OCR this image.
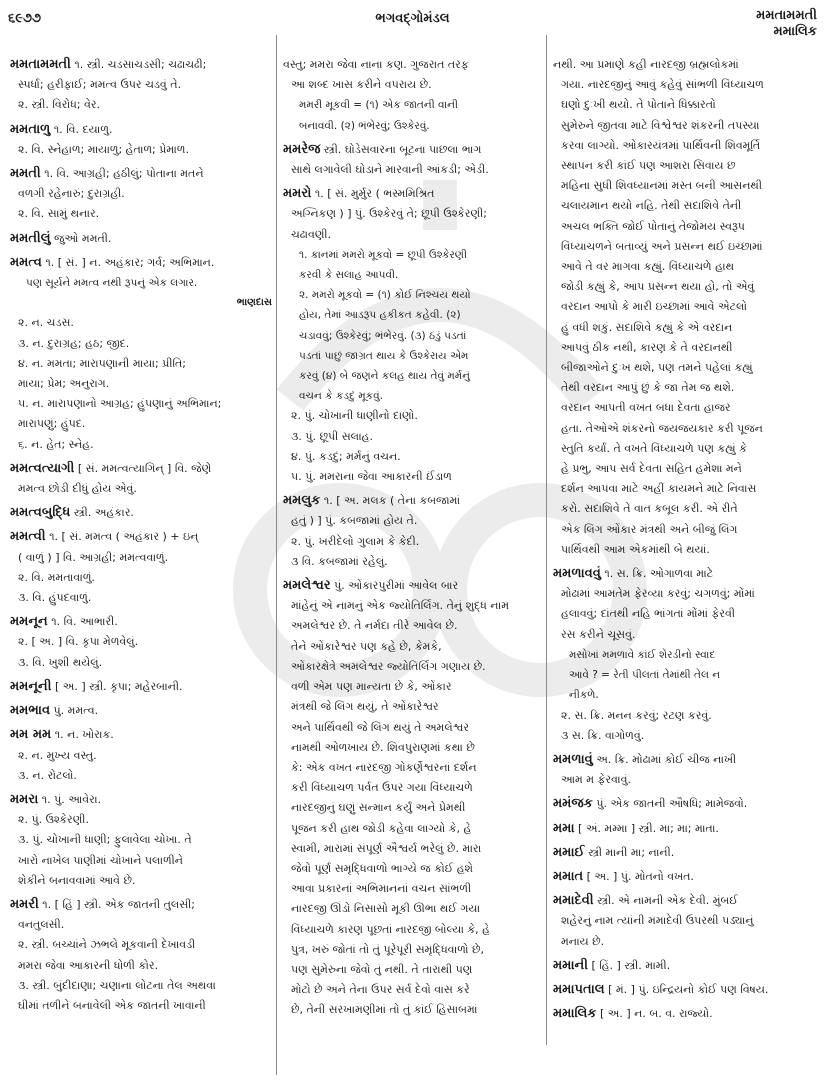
૬૯૭૭	ભગવદ્ગોમંડલ	મમતામમતી
મમાલિક

મમતામમતી ૧. સ્ત્રી. ચડસાચડસી; ચઢાચઢી;

સ્પર્ધા; હરીફાઈ; મમત્વ ઉપર ચડવું તે.

૨. સ્ત્રી. વિરોધ; વેર.

મમતાળુ ૧. વિ. દયાળુ.

૨. વિ. સ્નેહાળ; માયાળુ; હેતાળ; પ્રેમાળ.

મમતી ૧. વિ. આગ્રહી; હઠીલું; પોતાના મતને

વળગી રહેનારું; દુરાગ્રહી.

૨. વિ. સામું થનાર.

મમતીલું જુઓ મમતી.

મમત્વ ૧. [ સં. ] ન. અહંકાર; ગર્વ; અભિમાન.

પણ સૂર્યને મમત્વ નથી રૂપનું એક લગાર.

ભાણદાસ

૨. ન. ચડસ.

૩. ન. દુરાગ્રહ; હઠ; જીદ.

૪. ન. મમતા; મારાપણાની માયા; પ્રીતિ;

માયા; પ્રેમ; અનુરાગ.

૫. ન. મારાપણાનો આગ્રહ; હુંપણાનું અભિમાન;

મારાપણું; હુંપદ.

૬. ન. હેત; સ્નેહ.

મમત્વત્યાગી [ સં. મમત્વત્યાગિન્ ] વિ. જેણે

મમત્વ છોડી દીધું હોય એવું.

મમત્વબુદ્ધિ સ્ત્રી. અહંકાર.

મમત્વી ૧. [ સં. મમત્વ ( અહંકાર ) + ઇન્

( વાળું ) ] વિ. આગ્રહી; મમત્વવાળું.

૨. વિ. મમતાવાળું.

૩. વિ. હુંપદવાળું.

મમનૂન ૧. વિ. આભારી.

૨. [ અ. ] વિ. કૃપા મેળવેલું.

૩. વિ. ખુશી થયેલું.

મમનૂની [ અ. ] સ્ત્રી. કૃપા; મહેરબાની.

મમભાવ પું. મમત્વ.

મમ મમ ૧. ન. ખોરાક.

૨. ન. મુખ્ય વસ્તુ.

૩. ન. રોટલો.

મમરા ૧. પું. આવેરા.

૨. પું. ઉશ્કેરણી.

૩. પું. ચોખાની ધાણી; ફુલાવેલા ચોખા. તે

ખારો નાખેલ પાણીમાં ચોખાને પલાળીને

શેકીને બનાવવામાં આવે છે.

મમરી ૧. [ હિં ] સ્ત્રી. એક જાતની તુલસી;

વનતુલસી.

૨. સ્ત્રી. બચ્ચાંને ઝભલે મૂકવાની દેખાવડી

મમરા જેવા આકારની ધોળી કોર.

૩. સ્ત્રી. બુંદીદાણા; ચણાના લોટના તેલ અથવા

ઘીમાં તળીને બનાવેલી એક જાતની ખાવાની

વસ્તુ; મમરા જેવા નાના કણ. ગુજરાત તરફ

આ શબ્દ ખાસ કરીને વપરાય છે.

મમરી મૂકવી = (૧) એક જાતની વાની

બનાવવી. (૨) ભંભેરવું; ઉશ્કેરવું.

મમરેજ સ્ત્રી. ઘોડેસવારના બૂટના પાછલા ભાગ

સાથે લગાવેલી ઘોડાને મારવાની આંકડી; એડી.

મમરો ૧. [ સં. મુર્મુર ( ભસ્મમિશ્રિત

અગ્નિકણ ) ] પું. ઉશ્કેરવું તે; છૂપી ઉશ્કેરણી;

ચઢાવણી.

૧. કાનમાં મમરો મૂકવો = છૂપી ઉશ્કેરણી

કરવી કે સલાહ આપવી.

૨. મમરો મૂકવો = (૧) કોઈ નિશ્ચય થયો

હોય, તેમાં આડરૂપ હકીકત કહેવી. (૨)

ચડાવવું; ઉશ્કેરવું; ભંભેરવું. (૩) ઠંડું પડતાં

પડતાં પાછું જાગ્રત થાય કે ઉશ્કેરાય એમ

કરવું (૪) બે જણને કલહ થાય તેવું મર્મનું

વચન કે કડદું મૂકવું.

૨. પું. ચોખાની ધાણીનો દાણો.

૩. પું. છૂપી સલાહ.

૪. પું. કડદું; મર્મનું વચન.

૫. પું. મમરાના જેવા આકારની ઈંડાળ

મમલુક ૧. [ અ. મલક ( તેના કબજામાં

હતું ) ] પું. કબજામાં હોય તે.

૨. પું. ખરીદેલો ગુલામ કે કેદી.

૩ વિ. કબજામાં રહેલું.

મમલેશ્વર પું. ઓંકારપુરીમાં આવેલ બાર

માંહેનું એ નામનું એક જ્યોતિર્લિંગ. તેનું શુદ્ધ નામ

અમલેશ્વર છે. તે નર્મદા તીરે આવેલ છે.

તેને ઓંકારેશ્વર પણ કહે છે, કેમકે,

ઓંકારક્ષેત્રે અમલેશ્વર જ્યોતિર્લિંગ ગણાય છે.

વળી એમ પણ માન્યતા છે કે, ઓંકાર

મંત્રથી જે લિંગ થયું, તે ઓંકારેશ્વર

અને પાર્થિવથી જે લિંગ થયું તે અમલેશ્વર

નામથી ઓળખાય છે. શિવપુરાણમાં કથા છે

કે: એક વખત નારદજી ગોકર્ણેશ્વરનાં દર્શન

કરી વિંધ્યાચળ પર્વત ઉપર ગયા વિંધ્યાચળે

નારદજીનું ઘણું સન્માન કર્યું અને પ્રેમથી

પૂજન કરી હાથ જોડી કહેવા લાગ્યો કે, હે

સ્વામી, મારામાં સંપૂર્ણ ઐશ્વર્ય ભરેલું છે. મારા

જેવો પૂર્ણ સમૃદ્ધિવાળો ભાગ્યે જ કોઈ હશે

આવા પ્રકારનાં અભિમાનનાં વચન સાંભળી

નારદજી ઊંડો નિસાસો મૂકી ઊભા થઈ ગયા

વિંધ્યાચળે કારણ પૂછતાં નારદજી બોલ્યા કે, હે

પુત્ર, ખરું જોતાં તો તું પૂરેપૂરી સમૃદ્ધિવાળો છે,

પણ સુમેરુના જેવો તું નથી. તે તારાથી પણ

મોટો છે અને તેના ઉપર સર્વ દેવો વાસ કરે

છે, તેની સરખામણીમાં તો તું કાંઈ હિસાબમાં

નથી. આ પ્રમાણે કહી નારદજી બ્રહ્મલોકમાં

ગયા. નારદજીનું આવું કહેવું સાંભળી વિંધ્યાચળ

ઘણો દુઃખી થયો. તે પોતાને ધિક્કારતો

સુમેરુને જીતવા માટે વિશ્વેશ્વર શંકરની તપસ્યા

કરવા લાગ્યો. ઓંકારયંત્રમાં પાર્થિવની શિવમૂર્તિ

સ્થાપન કરી કાંઈ પણ આશરા સિવાય છ

મહિના સુધી શિવધ્યાનમાં મસ્ત બની આસનથી

ચલાયમાન થયો નહિ. તેથી સદાશિવે તેની

અચલ ભક્તિ જોઈ પોતાનું તેજોમય સ્વરૂપ

વિંધ્યાચળને બતાવ્યું અને પ્રસન્ન થઈ ઇચ્છામાં

આવે તે વર માગવા કહ્યું. વિંધ્યાચળે હાથ

જોડી કહ્યું કે, આપ પ્રસન્ન થયા હો, તો એવું

વરદાન આપો કે મારી ઇચ્છામાં આવે એટલો

હું વધી શકું. સદાશિવે કહ્યું કે એ વરદાન

આપવું ઠીક નથી, કારણ કે તે વરદાનથી

બીજાઓને દુઃખ થશે, પણ તમને પહેલાં કહ્યું

તેથી વરદાન આપું છું કે જા તેમ જ થશે.

વરદાન આપતી વખત બધા દેવતા હાજર

હતા. તેઓએ શંકરનો જયજયકાર કરી પૂજન

સ્તુતિ કર્યાં. તે વખતે વિંધ્યાચળે પણ કહ્યું કે

હે પ્રભુ, આપ સર્વ દેવતા સહિત હમેશા મને

દર્શન આપવા માટે અહીં કાયમને માટે નિવાસ

કરો. સદાશિવે તે વાત કબૂલ કરી. એ રીતે

એક લિંગ ઓંકાર મંત્રથી અને બીજું લિંગ

પાર્થિવથી આમ એકમાંથી બે થયાં.

મમળાવવું ૧. સ. ક્રિ. ઓગાળવા માટે

મોઢામાં આમતેમ ફેરવ્યા કરવું; ચગળવું; મોંમાં

હલાવવું; દાંતથી નહિ ભાંગતાં મોંમાં ફેરવી

રસ કરીને ચૂસવું.

મસોખાં મમળાવે કાંઈ શેરડીનો સ્વાદ

આવે ? = રેતી પીલતાં તેમાંથી તેલ ન

નીકળે.

૨. સ. ક્રિ. મનન કરવું; રટણ કરવું.

૩ સ. ક્રિ. વાગોળવું.

મમળાવું અ. ક્રિ. મોઢામાં કોઈ ચીજ નાખી

આમ મ ફેરવાવું.

મમંજક પું. એક જાતની ઔષધિ; મામેજવો.

મમા [ અં. મમ્મા ] સ્ત્રી. મા; મા; માતા.

મમાઈ સ્ત્રી માની મા; નાની.

મમાત [ અ. ] પું. મોતનો વખત.

મમાદેવી સ્ત્રી. એ નામની એક દેવી. મુંબઈ

શહેરનું નામ ત્યાંની મમાદેવી ઉપરથી પડ્યાનું

મનાય છે.

મમાની [ હિં. ] સ્ત્રી. મામી.

મમાપતાલ [ મં. ] પું. ઇન્દ્રિયનો કોઈ પણ વિષય.

મમાલિક [ અ. ] ન. બ. વ. રાજ્યો.
